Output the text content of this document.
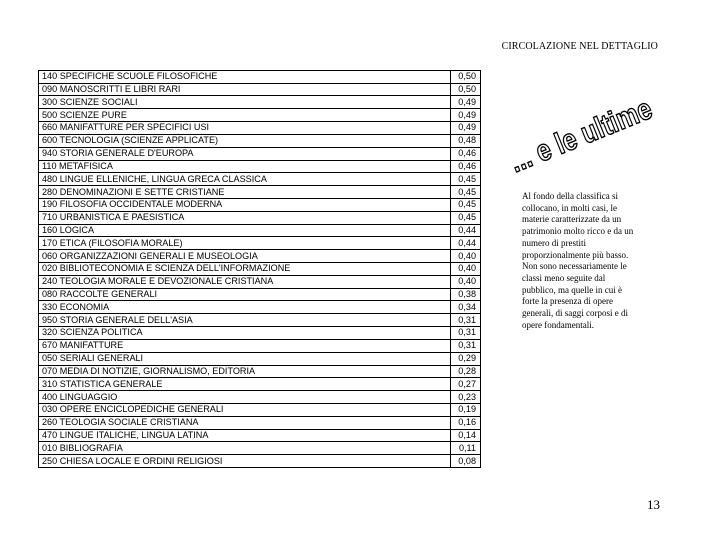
CIRCOLAZIONE NEL DETTAGLIO
140 SPECIFICHE SCUOLE FILOSOFICHE	0,50
090 MANOSCRITTI E LIBRI RARI	0,50
300 SCIENZE SOCIALI	0,49
500 SCIENZE PURE	0,49
660 MANIFATTURE PER SPECIFICI USI	0,49
600 TECNOLOGIA (SCIENZE APPLICATE)	0,48
940 STORIA GENERALE D'EUROPA	0,46
110 METAFISICA	0,46
480 LINGUE ELLENICHE, LINGUA GRECA CLASSICA	0,45
280 DENOMINAZIONI E SETTE CRISTIANE	0,45
190 FILOSOFIA OCCIDENTALE MODERNA	0,45
710 URBANISTICA E PAESISTICA	0,45
160 LOGICA	0,44
170 ETICA (FILOSOFIA MORALE)	0,44
060 ORGANIZZAZIONI GENERALI E MUSEOLOGIA	0,40
020 BIBLIOTECONOMIA E SCIENZA DELL'INFORMAZIONE	0,40
240 TEOLOGIA MORALE E DEVOZIONALE CRISTIANA	0,40
080 RACCOLTE GENERALI	0,38
330 ECONOMIA	0,34
950 STORIA GENERALE DELL'ASIA	0,31
320 SCIENZA POLITICA	0,31
670 MANIFATTURE	0,31
050 SERIALI GENERALI	0,29
070 MEDIA DI NOTIZIE, GIORNALISMO, EDITORIA	0,28
310 STATISTICA GENERALE	0,27
400 LINGUAGGIO	0,23
030 OPERE ENCICLOPEDICHE GENERALI	0,19
260 TEOLOGIA SOCIALE CRISTIANA	0,16
470 LINGUE ITALICHE, LINGUA LATINA	0,14
010 BIBLIOGRAFIA	0,11
250 CHIESA LOCALE E ORDINI RELIGIOSI	0,08
... e le ultime
Al fondo della classifica si collocano, in molti casi, le materie caratterizzate da un patrimonio molto ricco e da un numero di prestiti proporzionalmente più basso. Non sono necessariamente le classi meno seguite dal pubblico, ma quelle in cui è forte la presenza di opere generali, di saggi corposi e di opere fondamentali.
13
